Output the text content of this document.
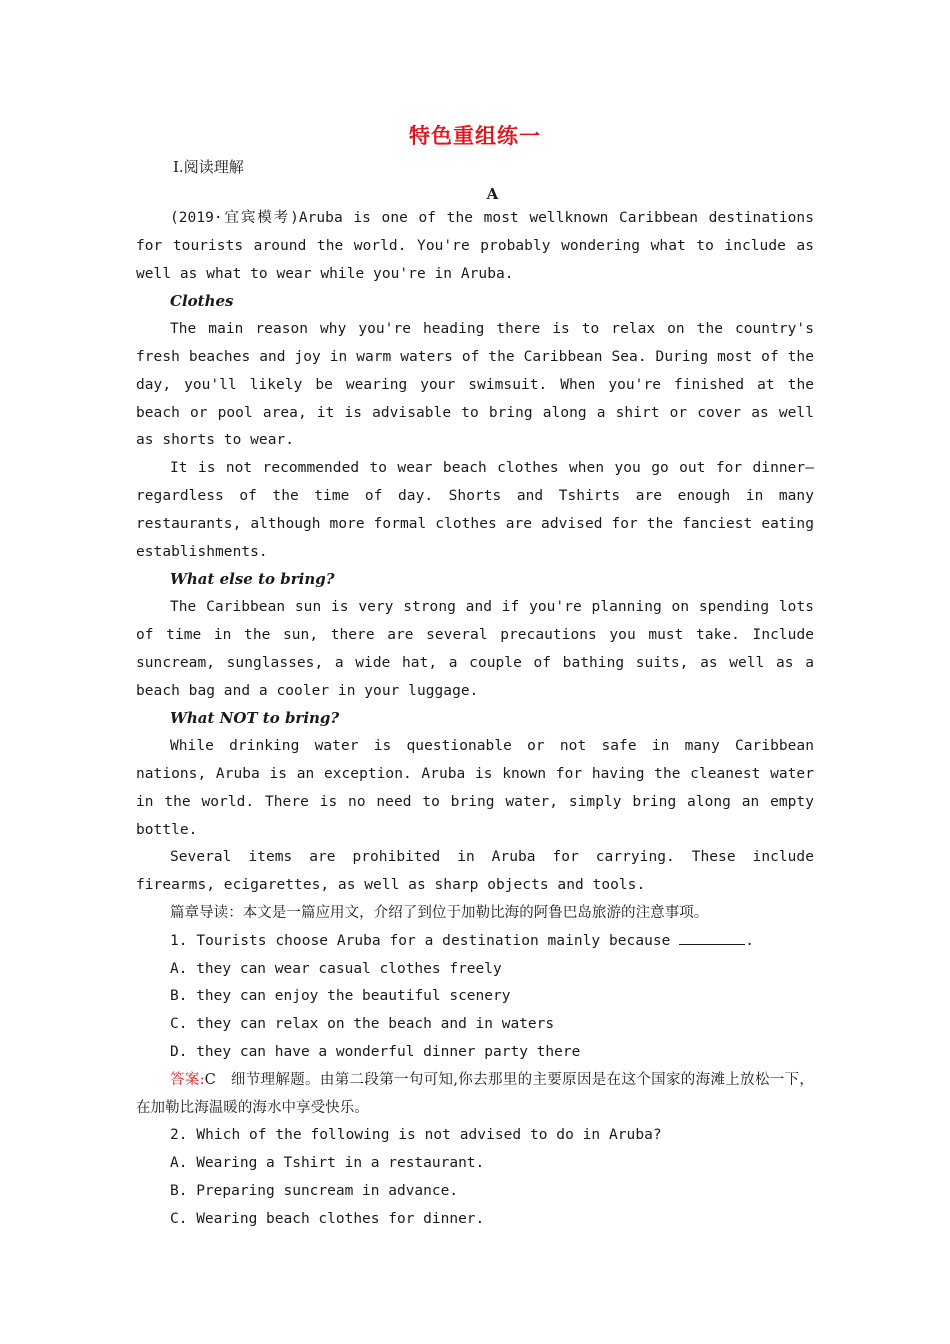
特色重组练一
Ⅰ.阅读理解
A

(2019·宜宾模考)Aruba is one of the most wellknown Caribbean destinations for tourists around the world. You're probably wondering what to include as well as what to wear while you're in Aruba.

Clothes

The main reason why you're heading there is to relax on the country's fresh beaches and joy in warm waters of the Caribbean Sea. During most of the day, you'll likely be wearing your swimsuit. When you're finished at the beach or pool area, it is advisable to bring along a shirt or cover as well as shorts to wear.

It is not recommended to wear beach clothes when you go out for dinner—regardless of the time of day. Shorts and Tshirts are enough in many restaurants, although more formal clothes are advised for the fanciest eating establishments.

What else to bring?

The Caribbean sun is very strong and if you're planning on spending lots of time in the sun, there are several precautions you must take. Include suncream, sunglasses, a wide hat, a couple of bathing suits, as well as a beach bag and a cooler in your luggage.

What NOT to bring?

While drinking water is questionable or not safe in many Caribbean nations, Aruba is an exception. Aruba is known for having the cleanest water in the world. There is no need to bring water, simply bring along an empty bottle.

Several items are prohibited in Aruba for carrying. These include firearms, ecigarettes, as well as sharp objects and tools.

篇章导读：本文是一篇应用文，介绍了到位于加勒比海的阿鲁巴岛旅游的注意事项。

1. Tourists choose Aruba for a destination mainly because	.

A. they can wear casual clothes freely

B. they can enjoy the beautiful scenery

C. they can relax on the beach and in waters

D. they can have a wonderful dinner party there

答案:C　细节理解题。由第二段第一句可知,你去那里的主要原因是在这个国家的海滩上放松一下，在加勒比海温暖的海水中享受快乐。

2. Which of the following is not advised to do in Aruba?

A. Wearing a Tshirt in a restaurant.

B. Preparing suncream in advance.

C. Wearing beach clothes for dinner.
